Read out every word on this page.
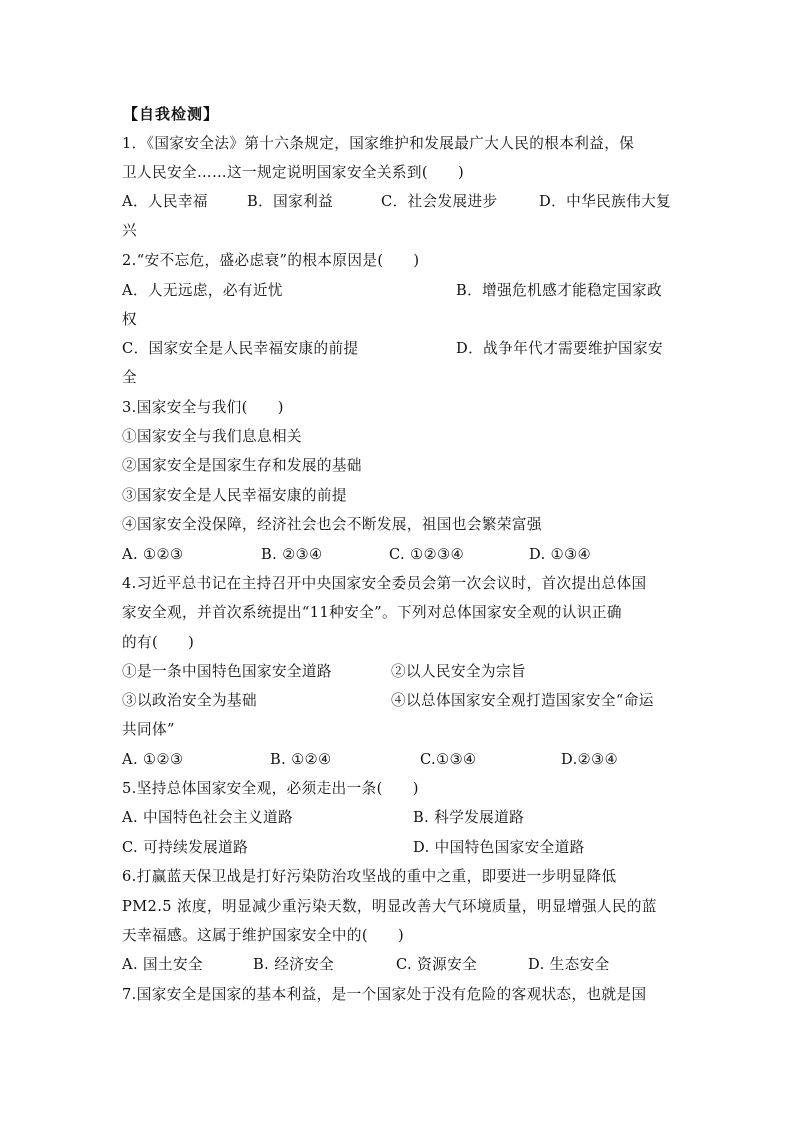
【自我检测】
1．《国家安全法》第十六条规定，国家维护和发展最广大人民的根本利益，保
卫人民安全……这一规定说明国家安全关系到(　　)
A．人民幸福	B．国家利益	C．社会发展进步	D．中华民族伟大复
兴
2.“安不忘危，盛必虑衰”的根本原因是(　　)
A．人无远虑，必有近忧	B．增强危机感才能稳定国家政
权
C．国家安全是人民幸福安康的前提	D．战争年代才需要维护国家安
全
3.国家安全与我们(　　)
①国家安全与我们息息相关
②国家安全是国家生存和发展的基础
③国家安全是人民幸福安康的前提
④国家安全没保障，经济社会也会不断发展，祖国也会繁荣富强
A. ①②③	B. ②③④	C. ①②③④	D. ①③④
4.习近平总书记在主持召开中央国家安全委员会第一次会议时，首次提出总体国
家安全观，并首次系统提出“11种安全”。下列对总体国家安全观的认识正确
的有(　　)
①是一条中国特色国家安全道路	②以人民安全为宗旨
③以政治安全为基础	④以总体国家安全观打造国家安全“命运
共同体”
A. ①②③	B. ①②④	C.①③④	D.②③④
5.坚持总体国家安全观，必须走出一条(　　)
A. 中国特色社会主义道路	B. 科学发展道路
C. 可持续发展道路	D. 中国特色国家安全道路
6.打赢蓝天保卫战是打好污染防治攻坚战的重中之重，即要进一步明显降低
PM2.5 浓度，明显减少重污染天数，明显改善大气环境质量，明显增强人民的蓝
天幸福感。这属于维护国家安全中的(　　)
A. 国土安全	B. 经济安全	C. 资源安全	D. 生态安全
7.国家安全是国家的基本利益，是一个国家处于没有危险的客观状态，也就是国
